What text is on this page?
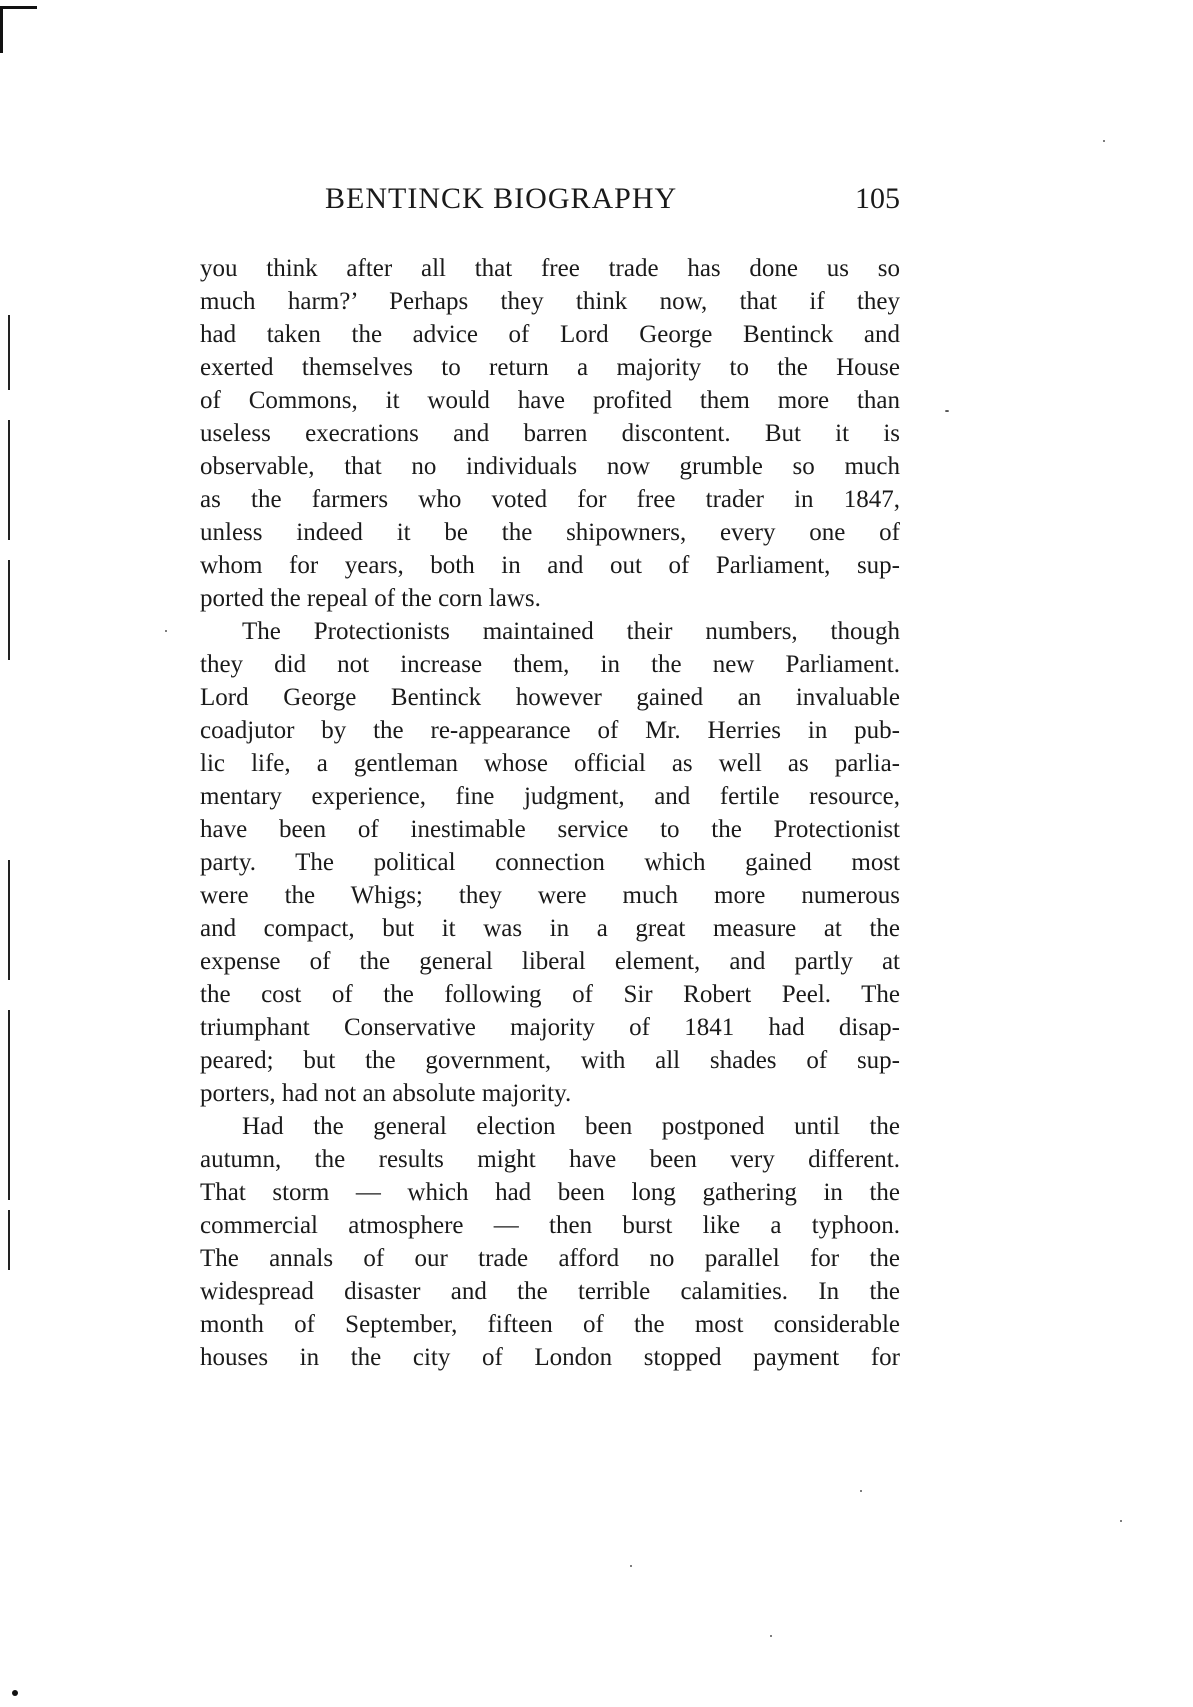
BENTINCK BIOGRAPHY	105
you think after all that free trade has done us so
much harm?’ Perhaps they think now, that if they
had taken the advice of Lord George Bentinck and
exerted themselves to return a majority to the House
of Commons, it would have profited them more than
useless execrations and barren discontent. But it is
observable, that no individuals now grumble so much
as the farmers who voted for free trader in 1847,
unless indeed it be the shipowners, every one of
whom for years, both in and out of Parliament, sup-
ported the repeal of the corn laws.
The Protectionists maintained their numbers, though
they did not increase them, in the new Parliament.
Lord George Bentinck however gained an invaluable
coadjutor by the re-appearance of Mr. Herries in pub-
lic life, a gentleman whose official as well as parlia-
mentary experience, fine judgment, and fertile resource,
have been of inestimable service to the Protectionist
party. The political connection which gained most
were the Whigs; they were much more numerous
and compact, but it was in a great measure at the
expense of the general liberal element, and partly at
the cost of the following of Sir Robert Peel. The
triumphant Conservative majority of 1841 had disap-
peared; but the government, with all shades of sup-
porters, had not an absolute majority.
Had the general election been postponed until the
autumn, the results might have been very different.
That storm — which had been long gathering in the
commercial atmosphere — then burst like a typhoon.
The annals of our trade afford no parallel for the
widespread disaster and the terrible calamities. In the
month of September, fifteen of the most considerable
houses in the city of London stopped payment for
